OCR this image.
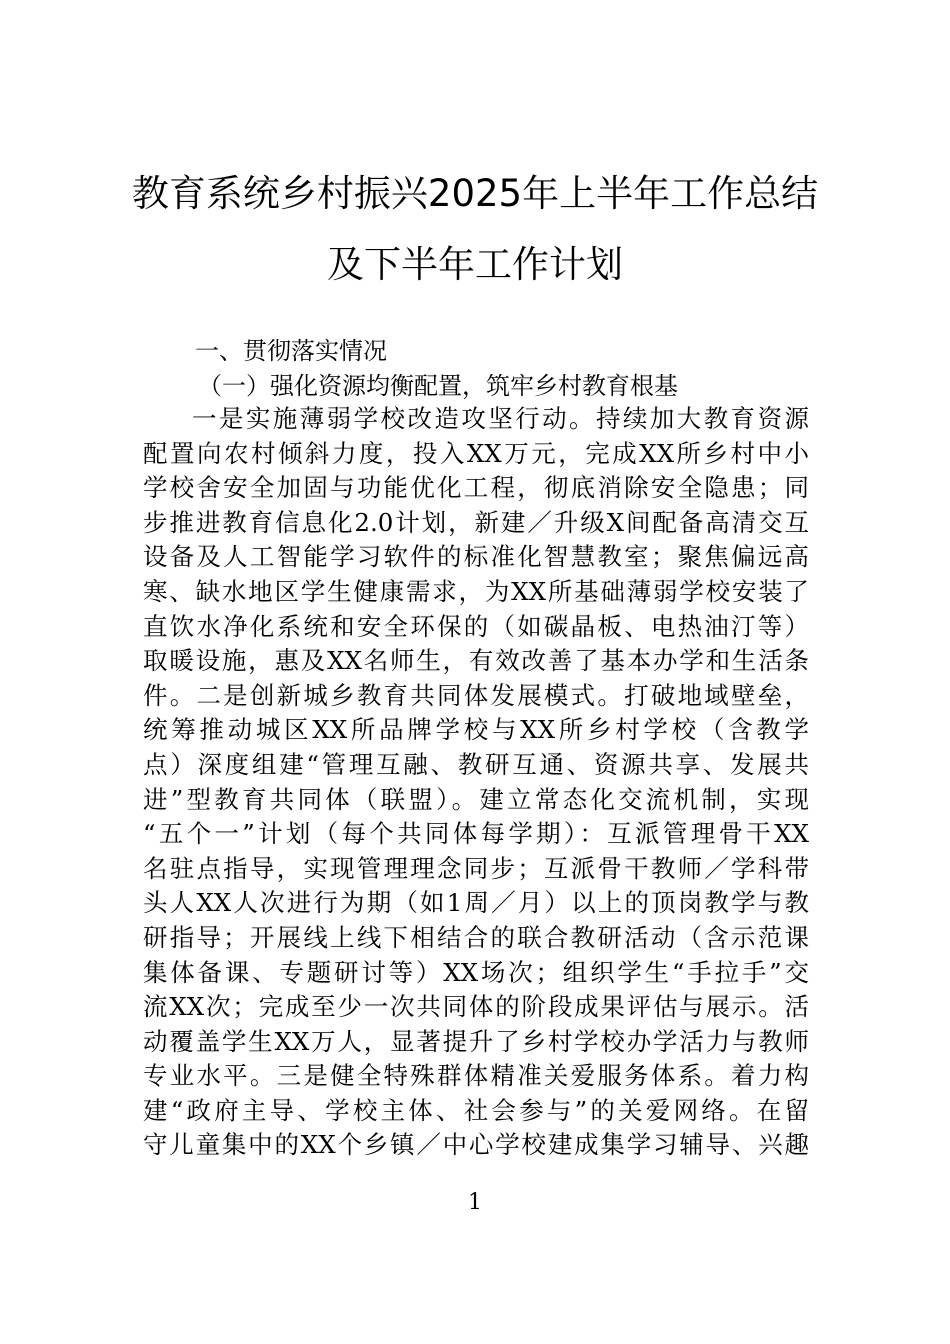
教育系统乡村振兴2025年上半年工作总结
及下半年工作计划
一、贯彻落实情况
（一）强化资源均衡配置，筑牢乡村教育根基
一是实施薄弱学校改造攻坚行动。持续加大教育资源
配置向农村倾斜力度，投入XX万元，完成XX所乡村中小
学校舍安全加固与功能优化工程，彻底消除安全隐患；同
步推进教育信息化2.0计划，新建／升级X间配备高清交互
设备及人工智能学习软件的标准化智慧教室；聚焦偏远高
寒、缺水地区学生健康需求，为XX所基础薄弱学校安装了
直饮水净化系统和安全环保的（如碳晶板、电热油汀等）
取暖设施，惠及XX名师生，有效改善了基本办学和生活条
件。二是创新城乡教育共同体发展模式。打破地域壁垒，
统筹推动城区XX所品牌学校与XX所乡村学校（含教学
点）深度组建“管理互融、教研互通、资源共享、发展共
进”型教育共同体（联盟）。建立常态化交流机制，实现
“五个一”计划（每个共同体每学期）：互派管理骨干XX
名驻点指导，实现管理理念同步；互派骨干教师／学科带
头人XX人次进行为期（如1周／月）以上的顶岗教学与教
研指导；开展线上线下相结合的联合教研活动（含示范课
集体备课、专题研讨等）XX场次；组织学生“手拉手”交
流XX次；完成至少一次共同体的阶段成果评估与展示。活
动覆盖学生XX万人，显著提升了乡村学校办学活力与教师
专业水平。三是健全特殊群体精准关爱服务体系。着力构
建“政府主导、学校主体、社会参与”的关爱网络。在留
守儿童集中的XX个乡镇／中心学校建成集学习辅导、兴趣
1
